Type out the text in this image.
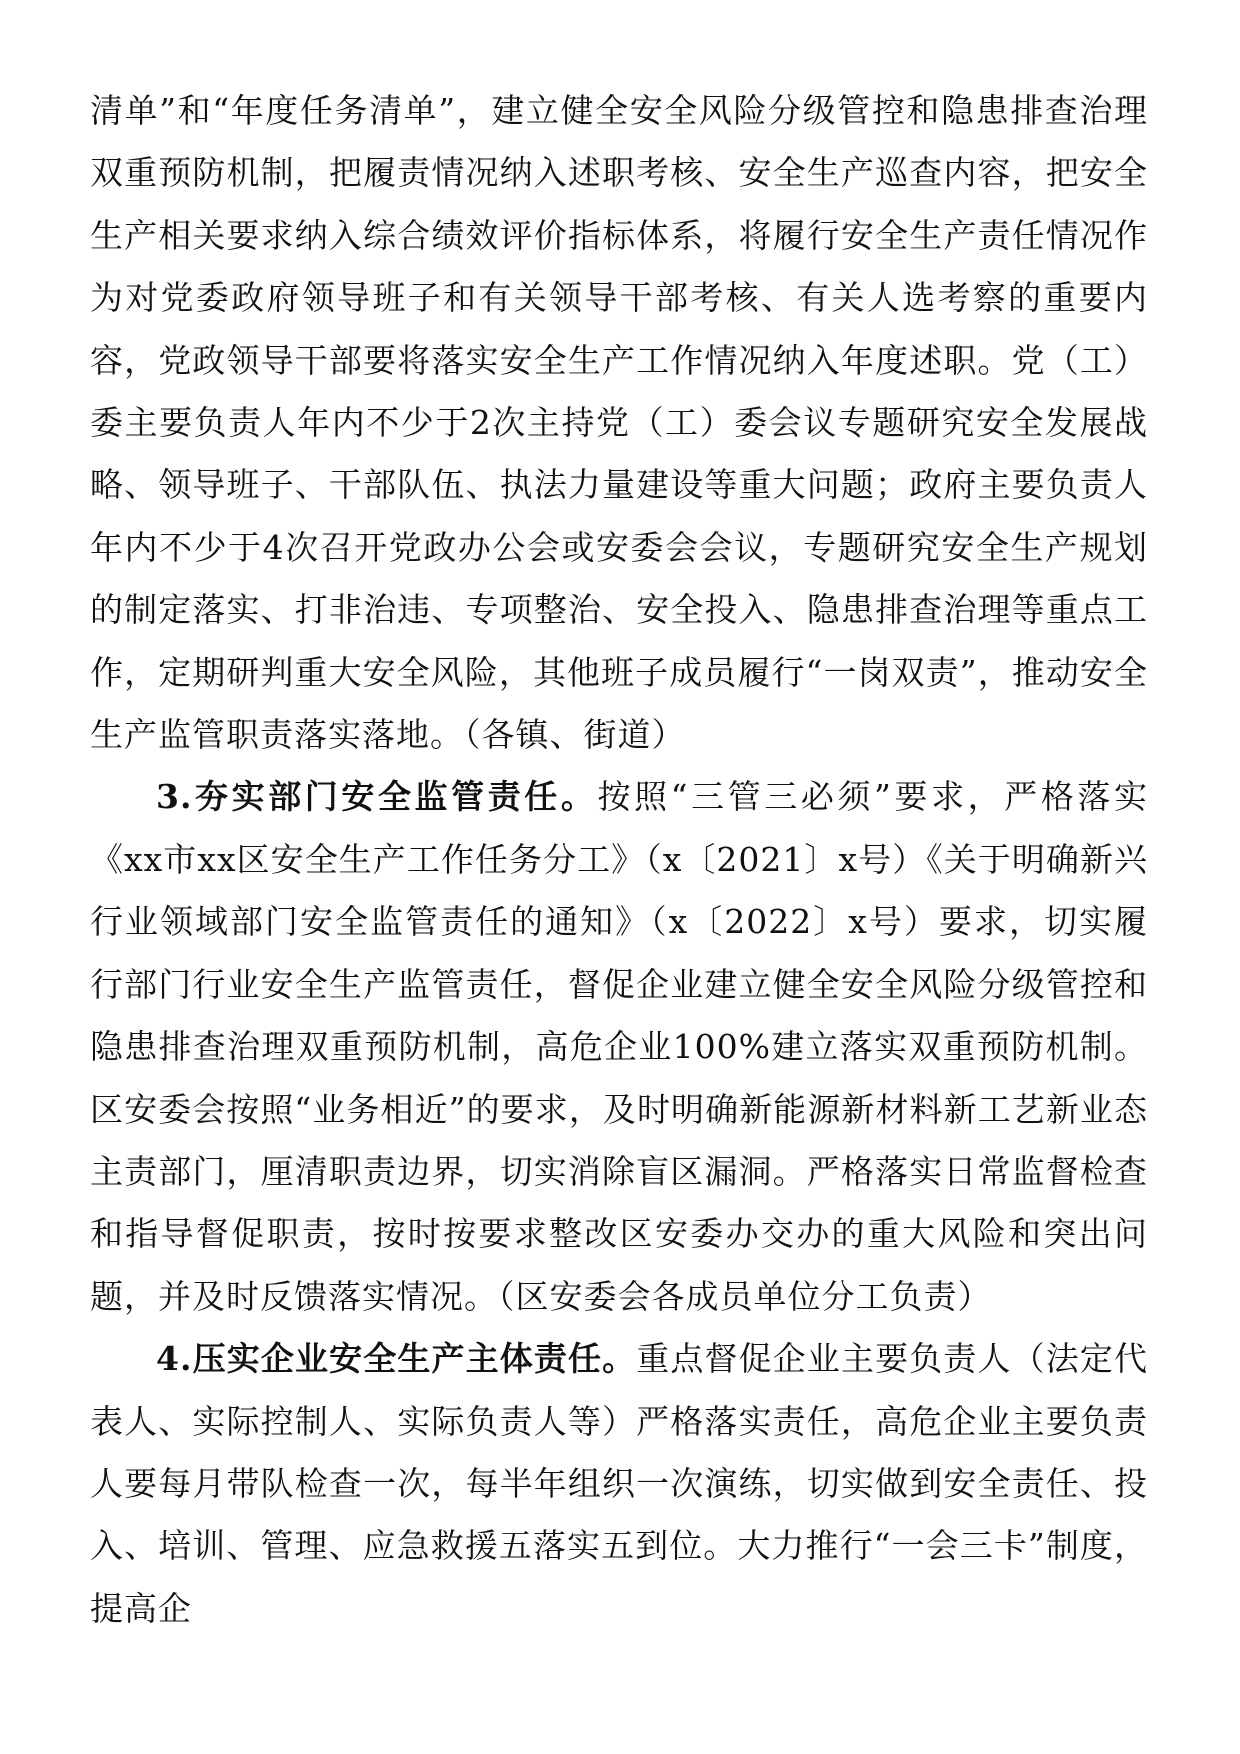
清单”和“年度任务清单”，建立健全安全风险分级管控和隐患排查治理双重预防机制，把履责情况纳入述职考核、安全生产巡查内容，把安全生产相关要求纳入综合绩效评价指标体系，将履行安全生产责任情况作为对党委政府领导班子和有关领导干部考核、有关人选考察的重要内容，党政领导干部要将落实安全生产工作情况纳入年度述职。党（工）委主要负责人年内不少于2次主持党（工）委会议专题研究安全发展战略、领导班子、干部队伍、执法力量建设等重大问题；政府主要负责人年内不少于4次召开党政办公会或安委会会议，专题研究安全生产规划的制定落实、打非治违、专项整治、安全投入、隐患排查治理等重点工作，定期研判重大安全风险，其他班子成员履行“一岗双责”，推动安全生产监管职责落实落地。（各镇、街道）

3.夯实部门安全监管责任。按照“三管三必须”要求，严格落实《xx市xx区安全生产工作任务分工》（x〔2021〕x号）《关于明确新兴行业领域部门安全监管责任的通知》（x〔2022〕x号）要求，切实履行部门行业安全生产监管责任，督促企业建立健全安全风险分级管控和隐患排查治理双重预防机制，高危企业100%建立落实双重预防机制。区安委会按照“业务相近”的要求，及时明确新能源新材料新工艺新业态主责部门，厘清职责边界，切实消除盲区漏洞。严格落实日常监督检查和指导督促职责，按时按要求整改区安委办交办的重大风险和突出问题，并及时反馈落实情况。（区安委会各成员单位分工负责）

4.压实企业安全生产主体责任。重点督促企业主要负责人（法定代表人、实际控制人、实际负责人等）严格落实责任，高危企业主要负责人要每月带队检查一次，每半年组织一次演练，切实做到安全责任、投入、培训、管理、应急救援五落实五到位。大力推行“一会三卡”制度，提高企
